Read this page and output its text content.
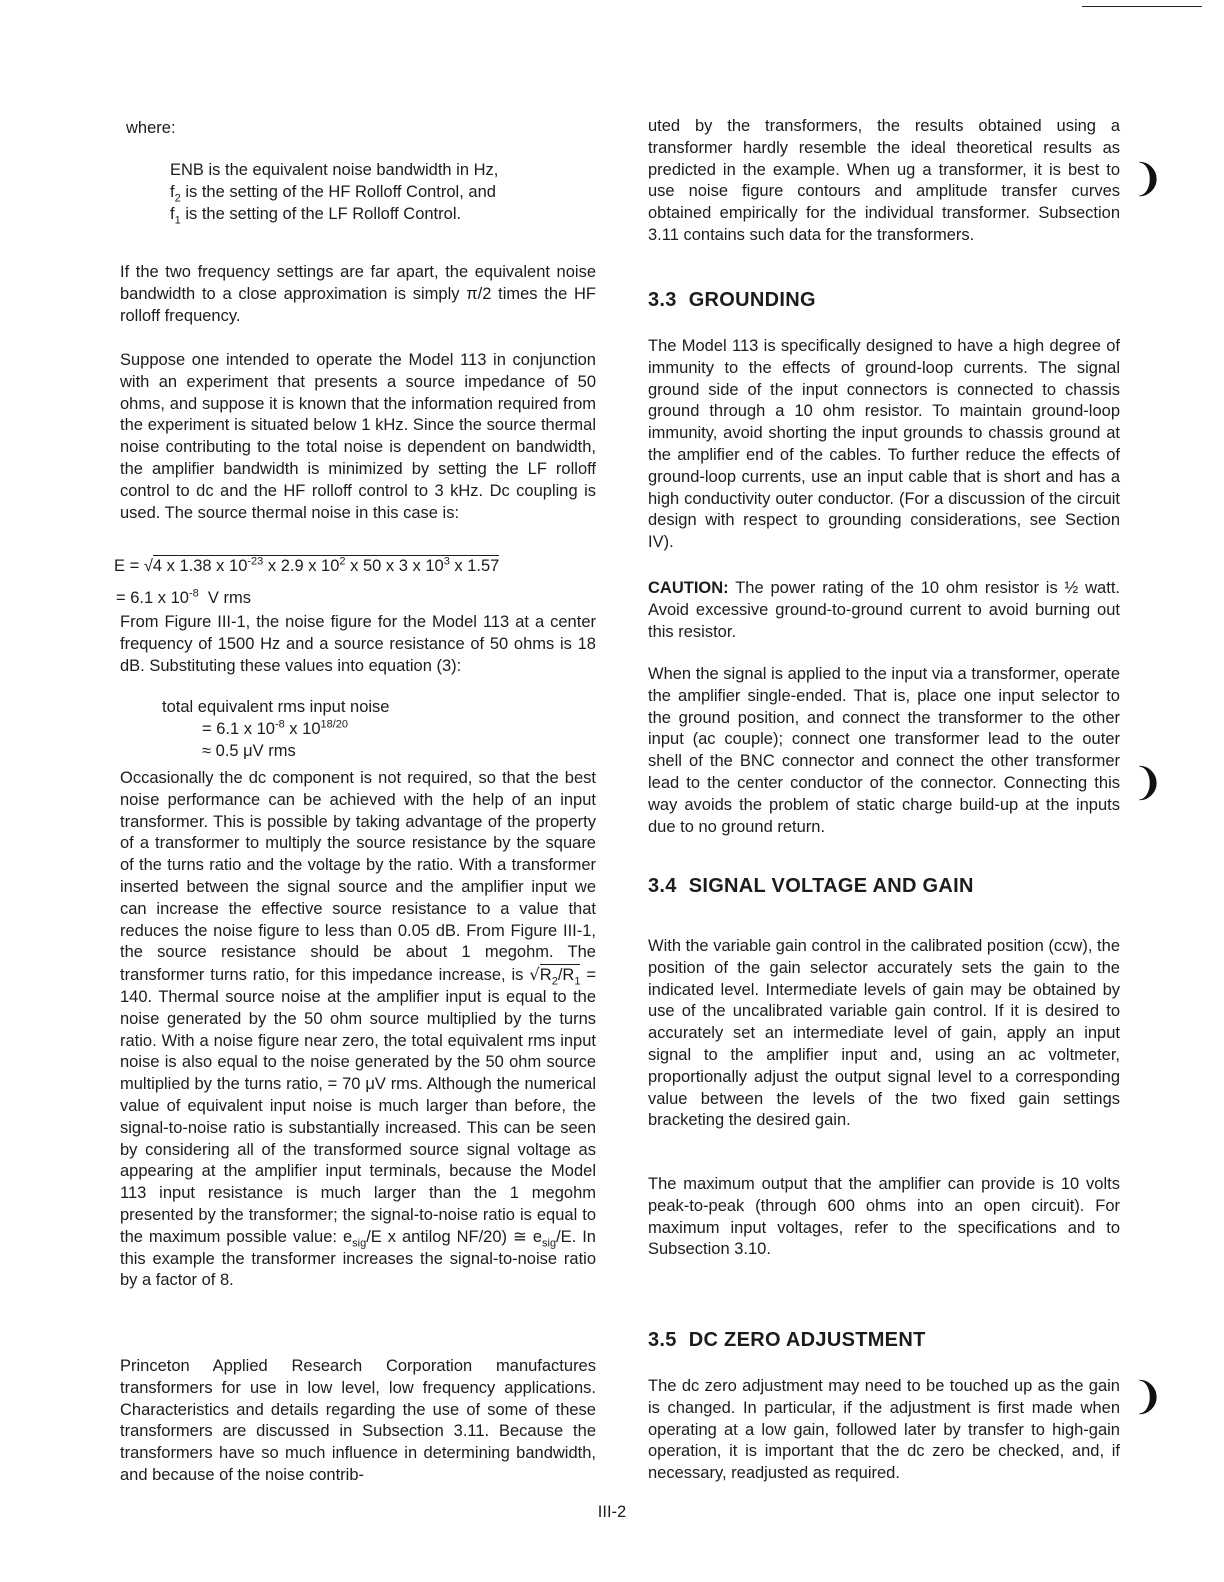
where:

ENB is the equivalent noise bandwidth in Hz,
$f_2$ is the setting of the HF Rolloff Control, and
$f_1$ is the setting of the LF Rolloff Control.

If the two frequency settings are far apart, the equivalent noise bandwidth to a close approximation is simply π/2 times the HF rolloff frequency.

Suppose one intended to operate the Model 113 in conjunction with an experiment that presents a source impedance of 50 ohms, and suppose it is known that the information required from the experiment is situated below 1 kHz. Since the source thermal noise contributing to the total noise is dependent on bandwidth, the amplifier bandwidth is minimized by setting the LF rolloff control to dc and the HF rolloff control to 3 kHz. Dc coupling is used. The source thermal noise in this case is:

E = √4 x 1.38 x $10^{-23}$ x 2.9 x $10^2$ x 50 x 3 x $10^3$ x 1.57
= 6.1 x $10^{-8}$  V rms

From Figure III-1, the noise figure for the Model 113 at a center frequency of 1500 Hz and a source resistance of 50 ohms is 18 dB. Substituting these values into equation (3):

total equivalent rms input noise
= 6.1 x $10^{-8}$ x $10^{18/20}$
≈ 0.5 μV rms

Occasionally the dc component is not required, so that the best noise performance can be achieved with the help of an input transformer. This is possible by taking advantage of the property of a transformer to multiply the source resistance by the square of the turns ratio and the voltage by the ratio. With a transformer inserted between the signal source and the amplifier input we can increase the effective source resistance to a value that reduces the noise figure to less than 0.05 dB. From Figure III-1, the source resistance should be about 1 megohm. The transformer turns ratio, for this impedance increase, is $√R_2/R_1 = 140$. Thermal source noise at the amplifier input is equal to the noise generated by the 50 ohm source multiplied by the turns ratio. With a noise figure near zero, the total equivalent rms input noise is also equal to the noise generated by the 50 ohm source multiplied by the turns ratio, = 70 μV rms. Although the numerical value of equivalent input noise is much larger than before, the signal-to-noise ratio is substantially increased. This can be seen by considering all of the transformed source signal voltage as appearing at the amplifier input terminals, because the Model 113 input resistance is much larger than the 1 megohm presented by the transformer; the signal-to-noise ratio is equal to the maximum possible value: $e_{sig}/E$ x antilog NF/20) ≅ $e_{sig}/E$. In this example the transformer increases the signal-to-noise ratio by a factor of 8.

Princeton Applied Research Corporation manufactures transformers for use in low level, low frequency applications. Characteristics and details regarding the use of some of these transformers are discussed in Subsection 3.11. Because the transformers have so much influence in determining bandwidth, and because of the noise contrib-

uted by the transformers, the results obtained using a transformer hardly resemble the ideal theoretical results as predicted in the example. When ug a transformer, it is best to use noise figure contours and amplitude transfer curves obtained empirically for the individual transformer. Subsection 3.11 contains such data for the transformers.

3.3 GROUNDING

The Model 113 is specifically designed to have a high degree of immunity to the effects of ground-loop currents. The signal ground side of the input connectors is connected to chassis ground through a 10 ohm resistor. To maintain ground-loop immunity, avoid shorting the input grounds to chassis ground at the amplifier end of the cables. To further reduce the effects of ground-loop currents, use an input cable that is short and has a high conductivity outer conductor. (For a discussion of the circuit design with respect to grounding considerations, see Section IV).

CAUTION: The power rating of the 10 ohm resistor is ½ watt. Avoid excessive ground-to-ground current to avoid burning out this resistor.

When the signal is applied to the input via a transformer, operate the amplifier single-ended. That is, place one input selector to the ground position, and connect the transformer to the other input (ac couple); connect one transformer lead to the outer shell of the BNC connector and connect the other transformer lead to the center conductor of the connector. Connecting this way avoids the problem of static charge build-up at the inputs due to no ground return.

3.4 SIGNAL VOLTAGE AND GAIN

With the variable gain control in the calibrated position (ccw), the position of the gain selector accurately sets the gain to the indicated level. Intermediate levels of gain may be obtained by use of the uncalibrated variable gain control. If it is desired to accurately set an intermediate level of gain, apply an input signal to the amplifier input and, using an ac voltmeter, proportionally adjust the output signal level to a corresponding value between the levels of the two fixed gain settings bracketing the desired gain.

The maximum output that the amplifier can provide is 10 volts peak-to-peak (through 600 ohms into an open circuit). For maximum input voltages, refer to the specifications and to Subsection 3.10.

3.5 DC ZERO ADJUSTMENT

The dc zero adjustment may need to be touched up as the gain is changed. In particular, if the adjustment is first made when operating at a low gain, followed later by transfer to high-gain operation, it is important that the dc zero be checked, and, if necessary, readjusted as required.

III-2
❩
❩
❩
